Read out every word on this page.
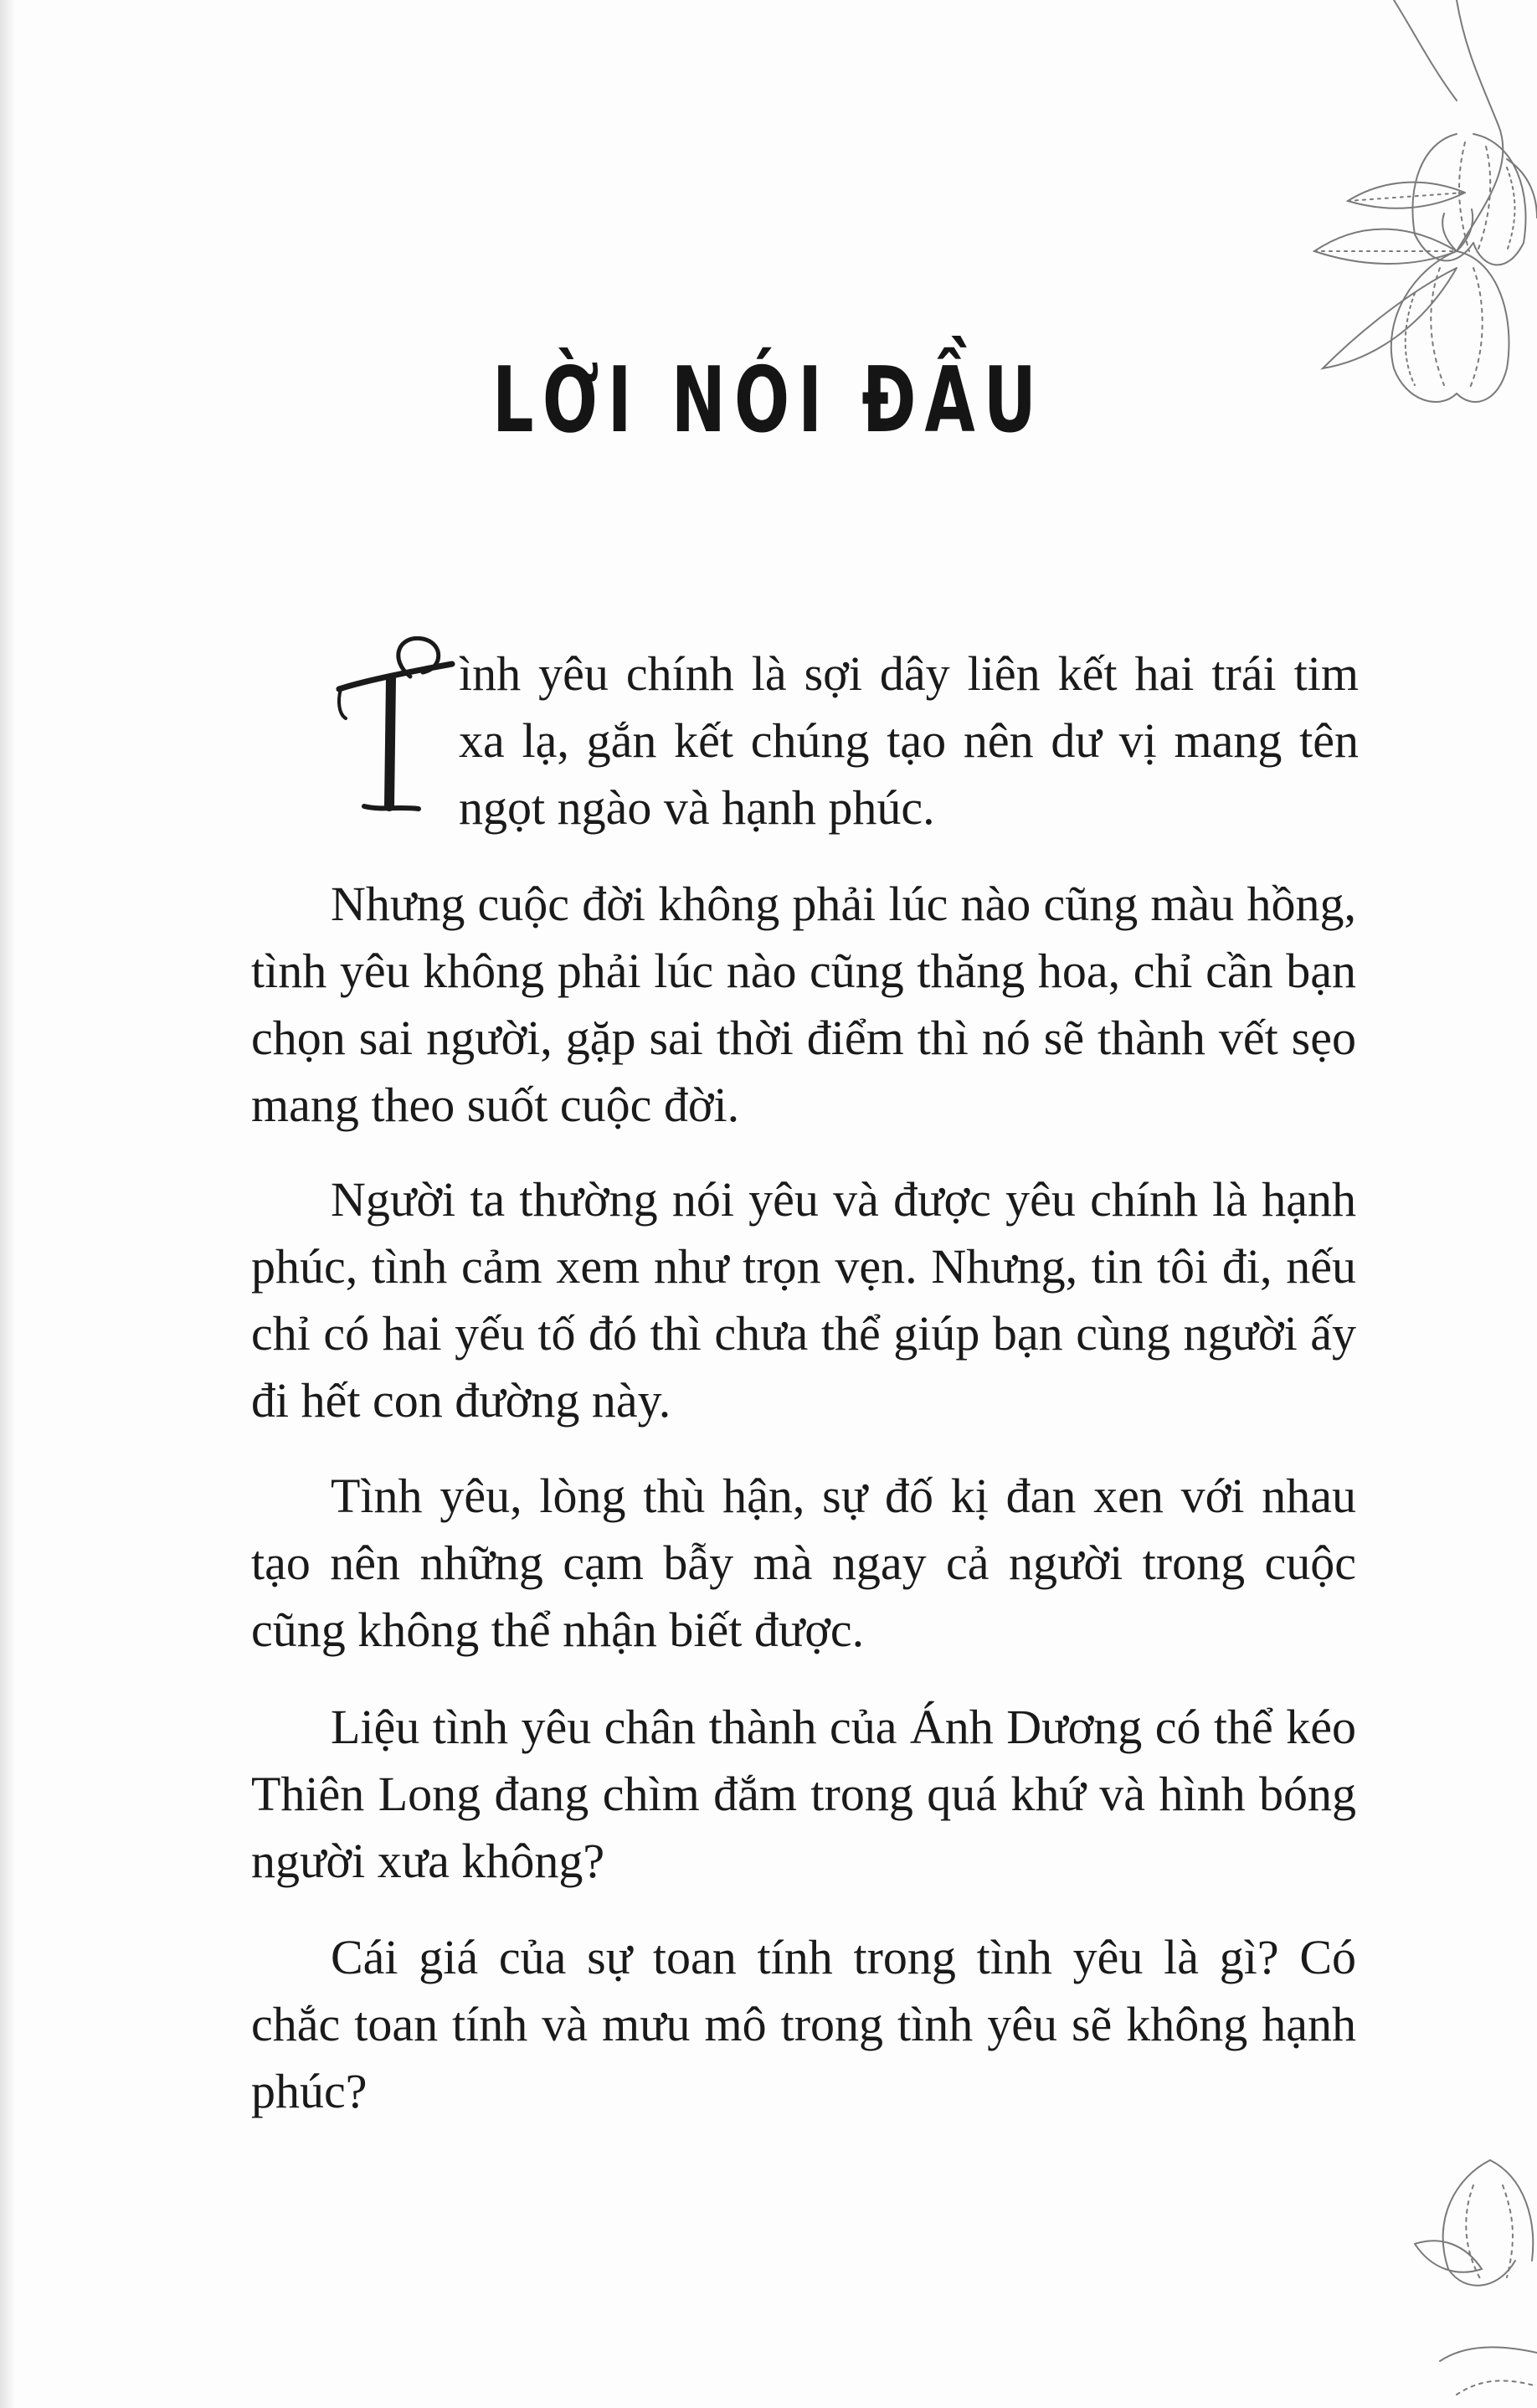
LỜI NÓI ĐẦU

ình yêu chính là sợi dây liên kết hai trái tim xa lạ, gắn kết chúng tạo nên dư vị mang tên ngọt ngào và hạnh phúc.

Nhưng cuộc đời không phải lúc nào cũng màu hồng, tình yêu không phải lúc nào cũng thăng hoa, chỉ cần bạn chọn sai người, gặp sai thời điểm thì nó sẽ thành vết sẹo mang theo suốt cuộc đời.

Người ta thường nói yêu và được yêu chính là hạnh phúc, tình cảm xem như trọn vẹn. Nhưng, tin tôi đi, nếu chỉ có hai yếu tố đó thì chưa thể giúp bạn cùng người ấy đi hết con đường này.

Tình yêu, lòng thù hận, sự đố kị đan xen với nhau tạo nên những cạm bẫy mà ngay cả người trong cuộc cũng không thể nhận biết được.

Liệu tình yêu chân thành của Ánh Dương có thể kéo Thiên Long đang chìm đắm trong quá khứ và hình bóng người xưa không?

Cái giá của sự toan tính trong tình yêu là gì? Có chắc toan tính và mưu mô trong tình yêu sẽ không hạnh phúc?
